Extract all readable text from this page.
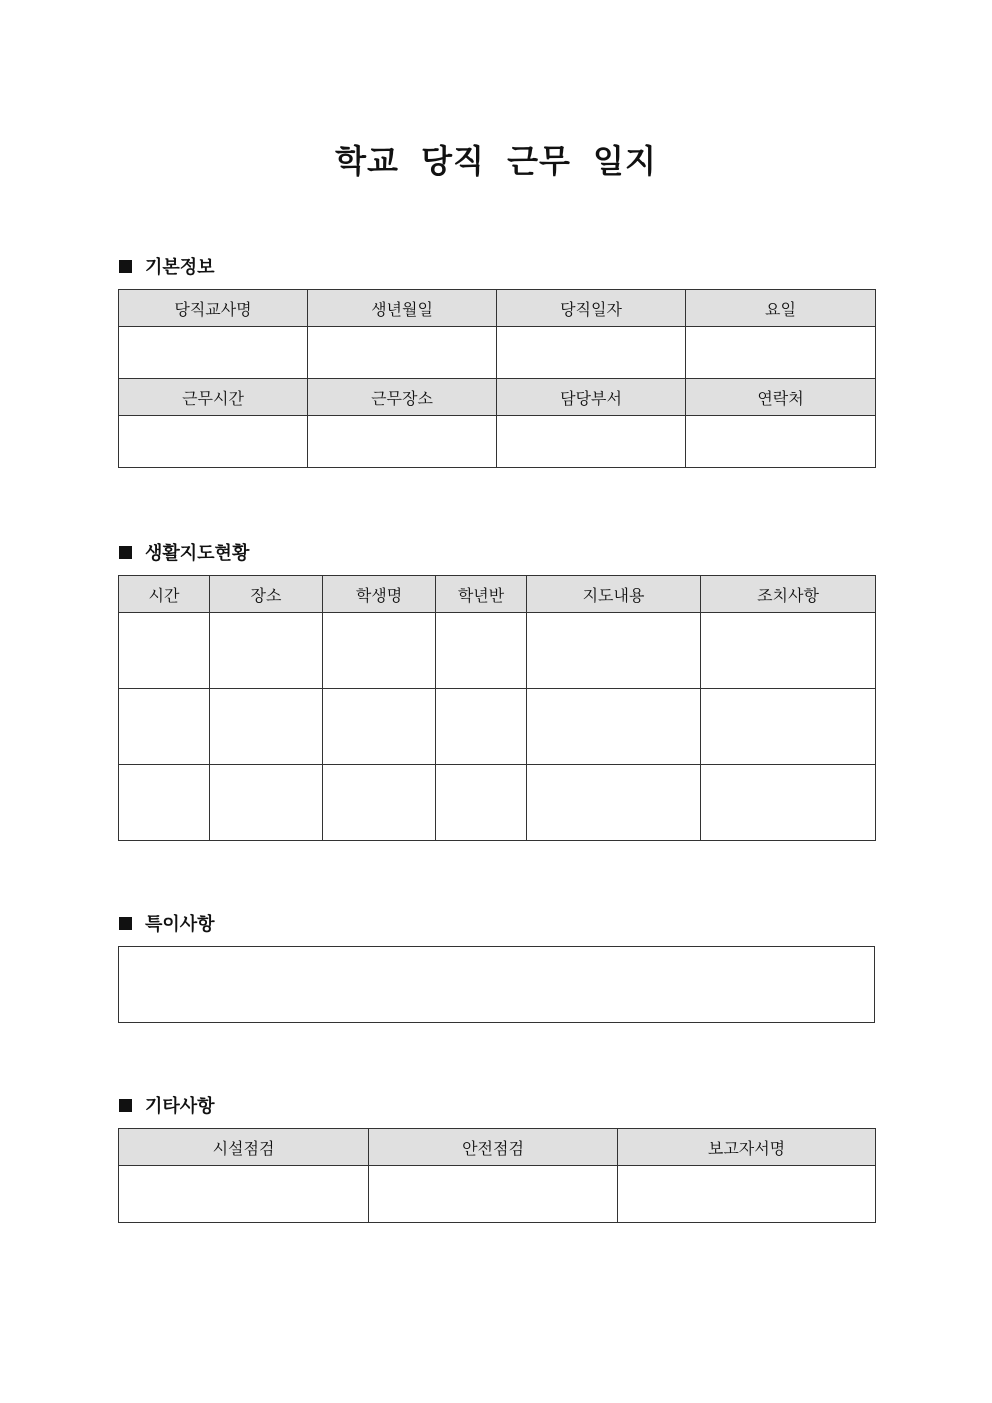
학교 당직 근무 일지
기본정보
당직교사명	생년월일	당직일자	요일

근무시간	근무장소	담당부서	연락처

생활지도현황
시간	장소	학생명	학년반	지도내용	조치사항

특이사항
기타사항
시설점검	안전점검	보고자서명
